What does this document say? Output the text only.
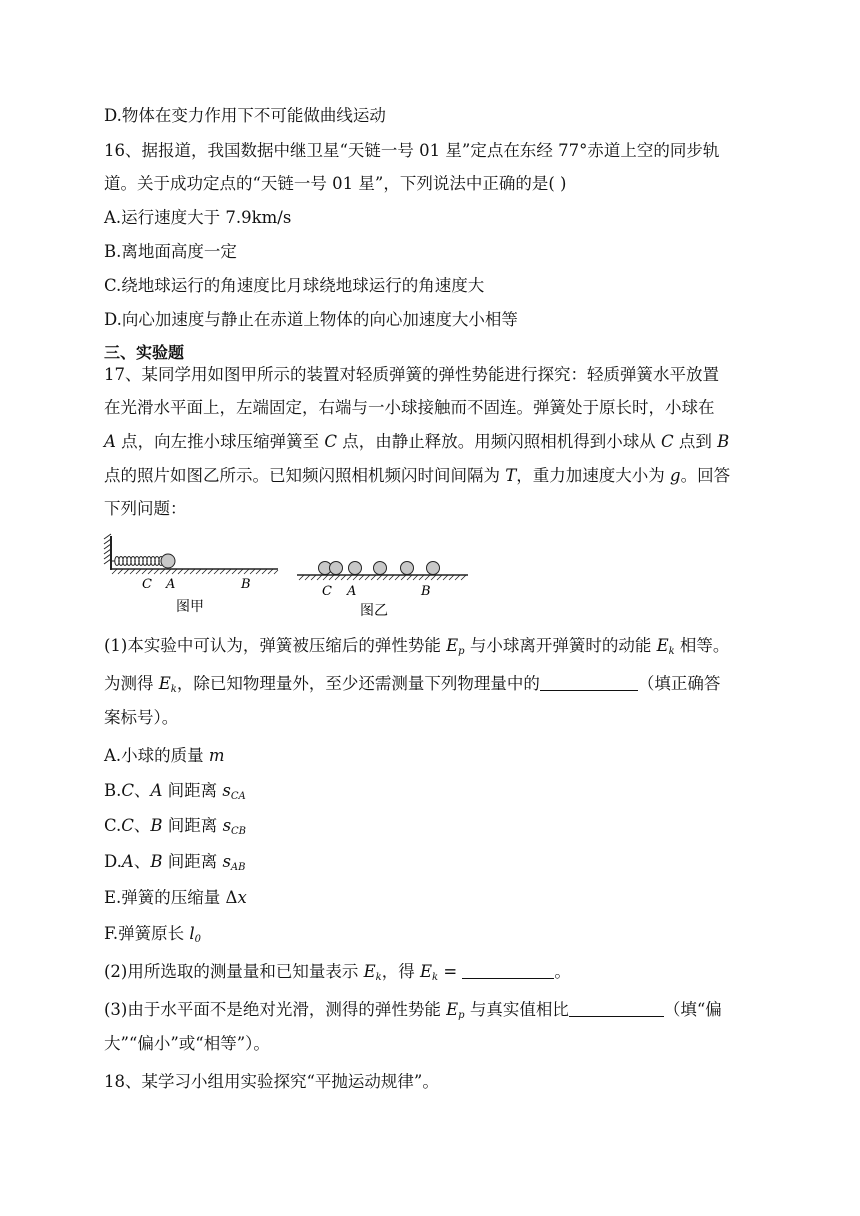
D.物体在变力作用下不可能做曲线运动
16、据报道，我国数据中继卫星“天链一号 01 星”定点在东经 77°赤道上空的同步轨
道。关于成功定点的“天链一号 01 星”，下列说法中正确的是( )
A.运行速度大于 7.9km/s
B.离地面高度一定
C.绕地球运行的角速度比月球绕地球运行的角速度大
D.向心加速度与静止在赤道上物体的向心加速度大小相等
三、实验题
17、某同学用如图甲所示的装置对轻质弹簧的弹性势能进行探究：轻质弹簧水平放置
在光滑水平面上，左端固定，右端与一小球接触而不固连。弹簧处于原长时，小球在
A 点，向左推小球压缩弹簧至 C 点，由静止释放。用频闪照相机得到小球从 C 点到 B
点的照片如图乙所示。已知频闪照相机频闪时间间隔为 T，重力加速度大小为 g。回答
下列问题：
C A	B
图甲
C A	B
图乙
(1)本实验中可认为，弹簧被压缩后的弹性势能 $E_p$ 与小球离开弹簧时的动能 $E_k$ 相等。
为测得 $E_k$，除已知物理量外，至少还需测量下列物理量中的	（填正确答
案标号）。
A.小球的质量 m
B.C、A 间距离 $s_{CA}$
C.C、B 间距离 $s_{CB}$
D.A、B 间距离 $s_{AB}$
E.弹簧的压缩量 Δx
F.弹簧原长 $l_0$
(2)用所选取的测量量和已知量表示 $E_k$，得 $E_k$ =	。
(3)由于水平面不是绝对光滑，测得的弹性势能 $E_p$ 与真实值相比	（填“偏
大”“偏小”或“相等”）。
18、某学习小组用实验探究“平抛运动规律”。
